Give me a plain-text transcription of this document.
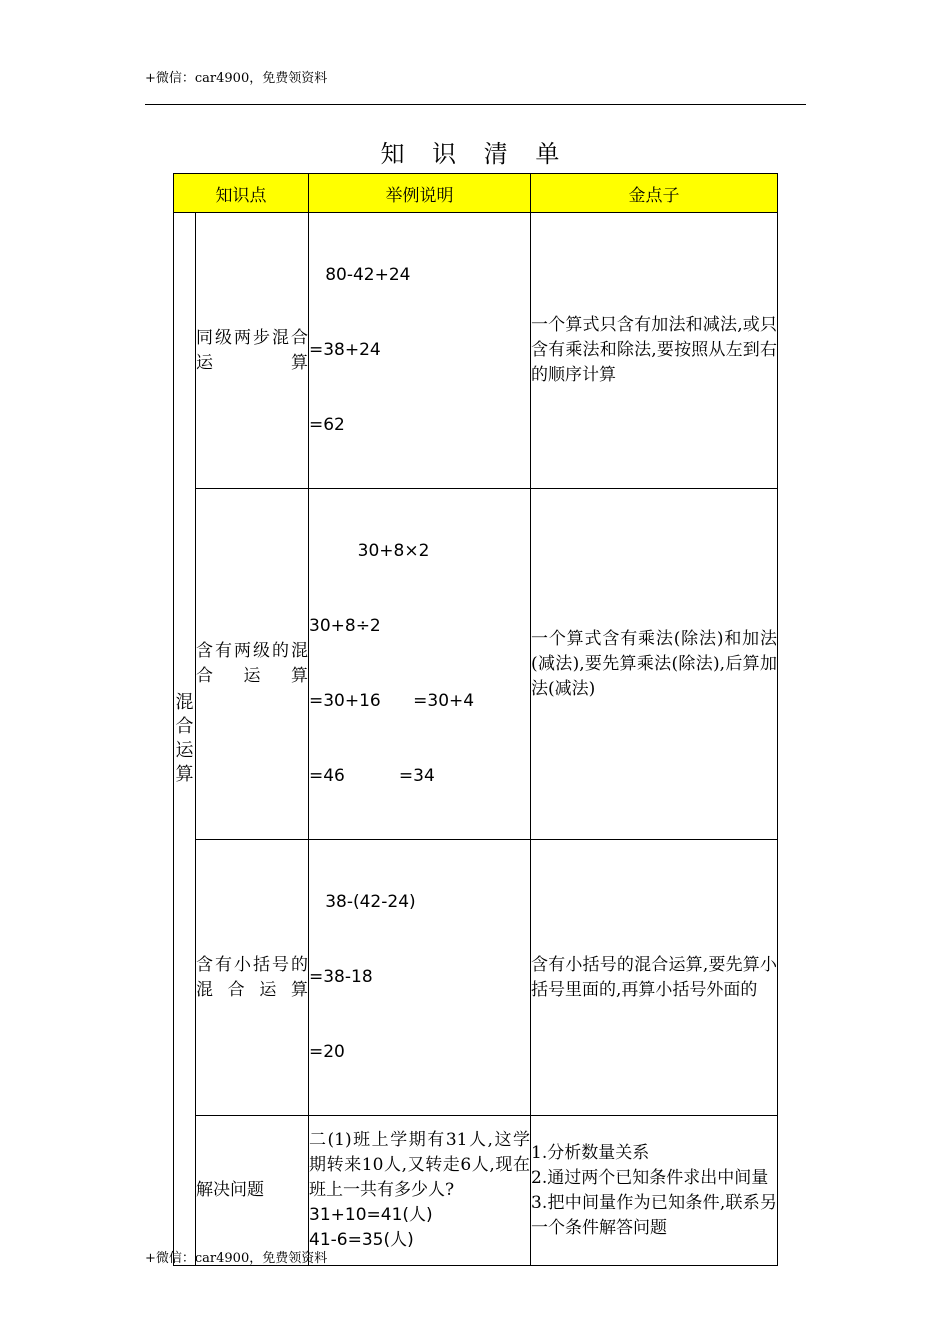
+微信：car4900，免费领资料
知 识 清 单
知识点		举例说明	金点子
混合运算	同级两步混合运算	80-42+24

=38+24

=62	一个算式只含有加法和减法,或只含有乘法和除法,要按照从左到右的顺序计算
	含有两级的混合运算	30+8×2

30+8÷2

=30+16      =30+4

=46          =34	一个算式含有乘法(除法)和加法(减法),要先算乘法(除法),后算加法(减法)
	含有小括号的混合运算	38-(42-24)

=38-18

=20	含有小括号的混合运算,要先算小括号里面的,再算小括号外面的
	解决问题	二(1)班上学期有31人,这学期转来10人,又转走6人,现在班上一共有多少人?
31+10=41(人)
41-6=35(人)	1.分析数量关系
2.通过两个已知条件求出中间量
3.把中间量作为已知条件,联系另一个条件解答问题
+微信：car4900，免费领资料
